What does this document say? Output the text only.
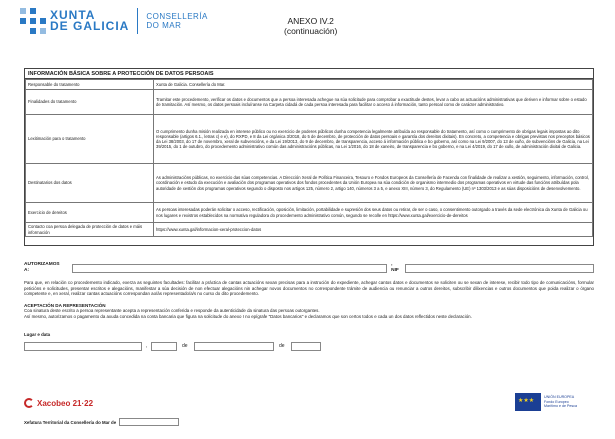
XUNTA
DE GALICIA
CONSELLERÍA
DO MAR	ANEXO IV.2
(continuación)
INFORMACIÓN BÁSICA SOBRE A PROTECCIÓN DE DATOS PERSOAIS
Responsable do tratamento	Xunta de Galicia. Consellería do Mar.
Finalidades do tratamento	Tramitar este procedemento, verificar os datos e documentos que a persoa interesada achegue na súa solicitude para comprobar a exactitude destes, levar a cabo as actuacións administrativas que deriven e informar sobre o estado de tramitación. Así mesmo, os datos persoais incluíranse na Carpeta cidadá de cada persoa interesada para facilitar o acceso á información, tanto persoal como de carácter administrativo.
Lexitimación para o tratamento	O cumprimento dunha misión realizada en interese público ou no exercicio de poderes públicos dunha competencia legalmente atribuída ao responsable do tratamento, así como o cumprimento de obrigas legais impostas ao dito responsable (artigos 6.1., letras c) e e), do RXPD, e 8 da Lei orgánica 3/2018, do 5 de decembro, de protección de datos persoais e garantía dos dereitos dixitais). En concreto, a competencia e obrigas previstas nos preceptos básicos da Lei 38/2003, do 17 de novembro, xeral de subvencións, e da Lei 19/2013, do 9 de decembro, de transparencia, acceso á información pública e bo goberno, así como na Lei 9/2007, do 13 de xuño, de subvencións de Galicia, na Lei 39/2015, do 1 de outubro, do procedemento administrativo común das administracións públicas, na Lei 1/2016, do 18 de xaneiro, de transparencia e bo goberno, e na Lei 4/2019, do 17 de xullo, de administración dixital de Galicia.
Destinatarios dos datos	As administracións públicas, no exercicio das súas competencias. A Dirección Xeral de Política Financeira, Tesouro e Fondos Europeos da Consellería de Facenda con finalidade de realizar a xestión, seguimento, información, control, coordinación e estudo da execución e avaliación dos programas operativos dos fondos procedentes da Unión Europea na súa condición de organismo intermedio dos programas operativos en virtude das funcións atribuídas pola autoridade de xestión dos programas operativos segundo o disposto nos artigos 125, número 2, artigo 140, números 3 a 5, e anexo XIII, número 3, do Regulamento (UE) nº 1303/2013 e as súas disposicións de desenvolvemento.
Exercicio de dereitos	As persoas interesadas poderán solicitar o acceso, rectificación, oposición, limitación, portabilidade e supresión dos seus datos ou retirar, de ser o caso, o consentimento outorgado a través da sede electrónica da Xunta de Galicia ou nos lugares e rexistros establecidos na normativa reguladora do procedemento administrativo común, segundo se recolle en https://www.xunta.gal/exercicio-de-dereitos
Contacto coa persoa delegada de protección de datos e máis información	https://www.xunta.gal/informacion-xeral-proteccion-datos
AUTORIZAMOS A:
, NIF
Para que, en relación co procedemento indicado, exerza as seguintes facultades: facilitar a práctica de cantas actuacións sexan precisas para a instrución do expediente, achegar cantos datos e documentos se soliciten ou se sexan de interese, recibir todo tipo de comunicacións, formular peticións e solicitudes, presentar escritos e alegacións, manifestar a súa decisión de non efectuar alegacións nin achegar novos documentos no correspondente trámite de audiencia ou renunciar a outros dereitos, subscribir dilixencias e outros documentos que poida realizar o órgano competente e, en xeral, realizar cantas actuacións correspondan ao/ás representado/a/s no curso do dito procedemento.
ACEPTACIÓN DA REPRESENTACIÓN
Coa sinatura deste escrito a persoa representante acepta a representación conferida e responde da autenticidade da sinatura das persoas outorgantes.
Así mesmo, autorizamos o pagamento da axuda concedida na conta bancaria que figura na solicitude do anexo I no epígrafe "Datos bancarios" e declaramos que son certos todos e cada un dos datos reflectidos neste declaración.
Lugar e data
,	de	de
Xacobeo 21·22
★★★
UNIÓN EUROPEA
Fondo Europeo
Marítimo e de Pesca
Xefatura Territorial da Consellería do Mar de
